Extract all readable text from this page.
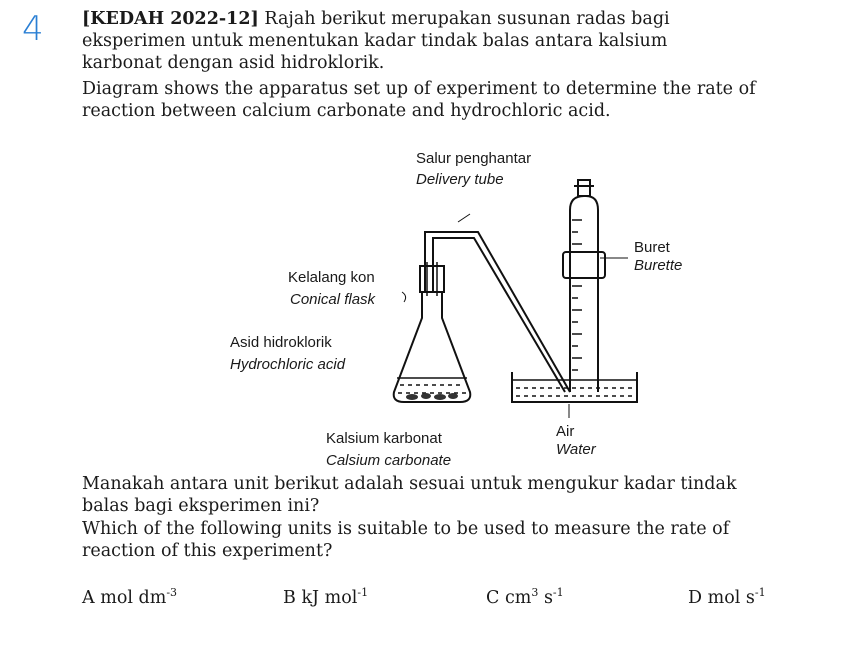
4 [KEDAH 2022-12] Rajah berikut merupakan susunan radas bagi
eksperimen untuk menentukan kadar tindak balas antara kalsium
karbonat dengan asid hidroklorik.
Diagram shows the apparatus set up of experiment to determine the rate of
reaction between calcium carbonate and hydrochloric acid.
Salur penghantar
Delivery tube
Buret
Burette
Kelalang kon
Conical flask
Asid hidroklorik
Hydrochloric acid
Kalsium karbonat
Calsium carbonate
Air
Water
Manakah antara unit berikut adalah sesuai untuk mengukur kadar tindak
balas bagi eksperimen ini?
Which of the following units is suitable to be used to measure the rate of
reaction of this experiment?
A mol $dm^{-3}$	B kJ mol$^{-1}$	C $cm^3$ $s^{-1}$	D mol $s^{-1}$
